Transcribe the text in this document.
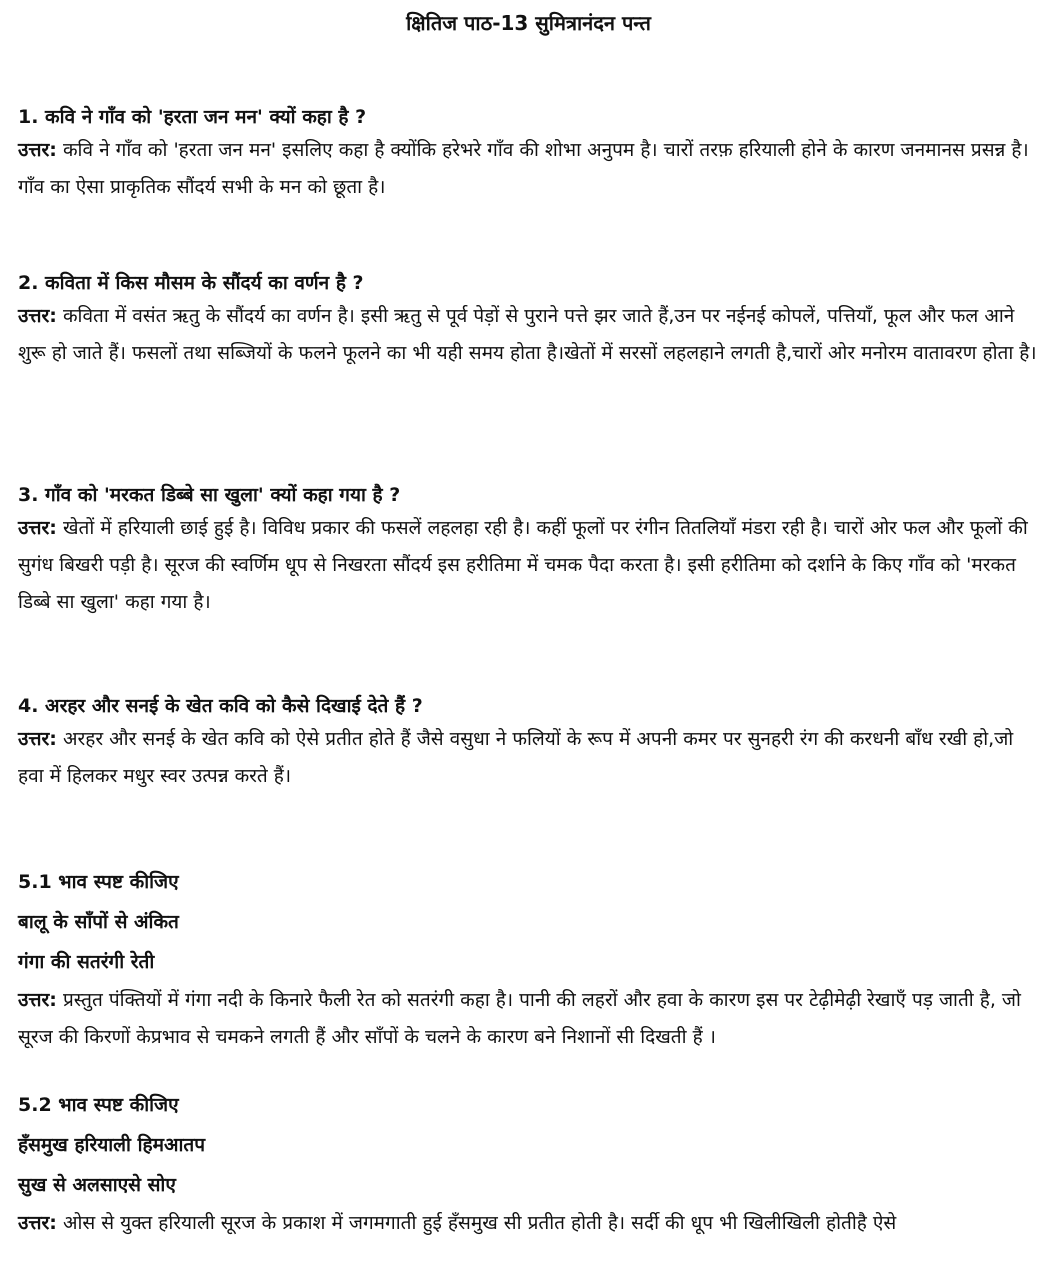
क्षितिज पाठ-13 सुमित्रानंदन पन्त
1. कवि ने गाँव को 'हरता जन मन' क्यों कहा है ?
उत्तर: कवि ने गाँव को 'हरता जन मन' इसलिए कहा है क्योंकि हरेभरे गाँव की शोभा अनुपम है। चारों तरफ़ हरियाली होने के कारण जनमानस प्रसन्न है। गाँव का ऐसा प्राकृतिक सौंदर्य सभी के मन को छूता है।
2. कविता में किस मौसम के सौंदर्य का वर्णन है ?
उत्तर: कविता में वसंत ऋतु के सौंदर्य का वर्णन है। इसी ऋतु से पूर्व पेड़ों से पुराने पत्ते झर जाते हैं,उन पर नईनई कोपलें, पत्तियाँ, फूल और फल आने शुरू हो जाते हैं। फसलों तथा सब्जियों के फलने फूलने का भी यही समय होता है।खेतों में सरसों लहलहाने लगती है,चारों ओर मनोरम वातावरण होता है।
3. गाँव को 'मरकत डिब्बे सा खुला' क्यों कहा गया है ?
उत्तर: खेतों में हरियाली छाई हुई है। विविध प्रकार की फसलें लहलहा रही है। कहीं फूलों पर रंगीन तितलियाँ मंडरा रही है। चारों ओर फल और फूलों की सुगंध बिखरी पड़ी है। सूरज की स्वर्णिम धूप से निखरता सौंदर्य इस हरीतिमा में चमक पैदा करता है। इसी हरीतिमा को दर्शाने के किए गाँव को 'मरकत डिब्बे सा खुला' कहा गया है।
4. अरहर और सनई के खेत कवि को कैसे दिखाई देते हैं ?
उत्तर: अरहर और सनई के खेत कवि को ऐसे प्रतीत होते हैं जैसे वसुधा ने फलियों के रूप में अपनी कमर पर सुनहरी रंग की करधनी बाँध रखी हो,जो हवा में हिलकर मधुर स्वर उत्पन्न करते हैं।
5.1 भाव स्पष्ट कीजिए
बालू के साँपों से अंकित
गंगा की सतरंगी रेती
उत्तर: प्रस्तुत पंक्तियों में गंगा नदी के किनारे फैली रेत को सतरंगी कहा है। पानी की लहरों और हवा के कारण इस पर टेढ़ीमेढ़ी रेखाएँ पड़ जाती है, जो सूरज की किरणों केप्रभाव से चमकने लगती हैं और साँपों के चलने के कारण बने निशानों सी दिखती हैं ।
5.2 भाव स्पष्ट कीजिए
हँसमुख हरियाली हिमआतप
सुख से अलसाएसे सोए
उत्तर: ओस से युक्त हरियाली सूरज के प्रकाश में जगमगाती हुई हँसमुख सी प्रतीत होती है। सर्दी की धूप भी खिलीखिली होतीहै ऐसे
